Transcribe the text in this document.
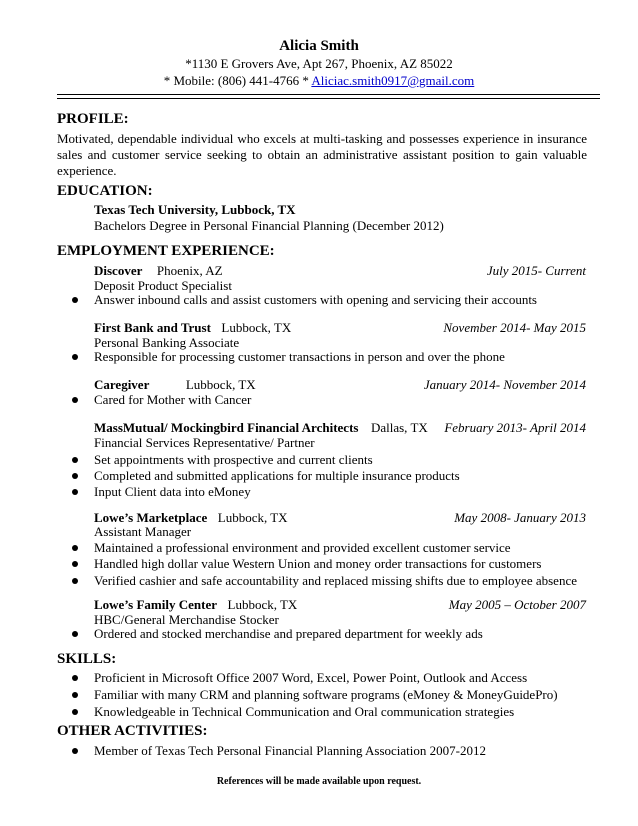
Alicia Smith
*1130 E Grovers Ave, Apt 267, Phoenix, AZ 85022
* Mobile: (806) 441-4766 * Aliciac.smith0917@gmail.com
PROFILE:
Motivated, dependable individual who excels at multi-tasking and possesses experience in insurance sales and customer service seeking to obtain an administrative assistant position to gain valuable experience.
EDUCATION:
Texas Tech University, Lubbock, TX
Bachelors Degree in Personal Financial Planning (December 2012)
EMPLOYMENT EXPERIENCE:
Discover Phoenix, AZ	July 2015- Current
Deposit Product Specialist
Answer inbound calls and assist customers with opening and servicing their accounts
First Bank and Trust Lubbock, TX	November 2014- May 2015
Personal Banking Associate
Responsible for processing customer transactions in person and over the phone
Caregiver	Lubbock, TX	January 2014- November 2014
Cared for Mother with Cancer
MassMutual/ Mockingbird Financial Architects Dallas, TX February 2013- April 2014
Financial Services Representative/ Partner
Set appointments with prospective and current clients
Completed and submitted applications for multiple insurance products
Input Client data into eMoney
Lowe’s Marketplace Lubbock, TX	May 2008- January 2013
Assistant Manager
Maintained a professional environment and provided excellent customer service
Handled high dollar value Western Union and money order transactions for customers
Verified cashier and safe accountability and replaced missing shifts due to employee absence
Lowe’s Family Center Lubbock, TX	May 2005 – October 2007
HBC/General Merchandise Stocker
Ordered and stocked merchandise and prepared department for weekly ads
SKILLS:
Proficient in Microsoft Office 2007 Word, Excel, Power Point, Outlook and Access
Familiar with many CRM and planning software programs (eMoney & MoneyGuidePro)
Knowledgeable in Technical Communication and Oral communication strategies
OTHER ACTIVITIES:
Member of Texas Tech Personal Financial Planning Association 2007-2012
References will be made available upon request.
